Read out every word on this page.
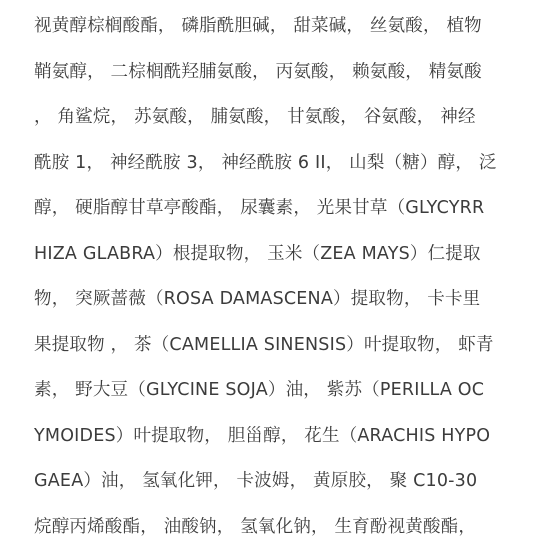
视黄醇棕榈酸酯， 磷脂酰胆碱， 甜菜碱， 丝氨酸， 植物
鞘氨醇， 二棕榈酰羟脯氨酸， 丙氨酸， 赖氨酸， 精氨酸
， 角鲨烷， 苏氨酸， 脯氨酸， 甘氨酸， 谷氨酸， 神经
酰胺 1， 神经酰胺 3， 神经酰胺 6 II， 山梨（糖）醇， 泛
醇， 硬脂醇甘草亭酸酯， 尿囊素， 光果甘草（GLYCYRR
HIZA GLABRA）根提取物， 玉米（ZEA MAYS）仁提取
物， 突厥蔷薇（ROSA DAMASCENA）提取物， 卡卡里
果提取物 ， 茶（CAMELLIA SINENSIS）叶提取物， 虾青
素， 野大豆（GLYCINE SOJA）油， 紫苏（PERILLA OC
YMOIDES）叶提取物， 胆甾醇， 花生（ARACHIS HYPO
GAEA）油， 氢氧化钾， 卡波姆， 黄原胶， 聚 C10-30
烷醇丙烯酸酯， 油酸钠， 氢氧化钠， 生育酚视黄酸酯，
